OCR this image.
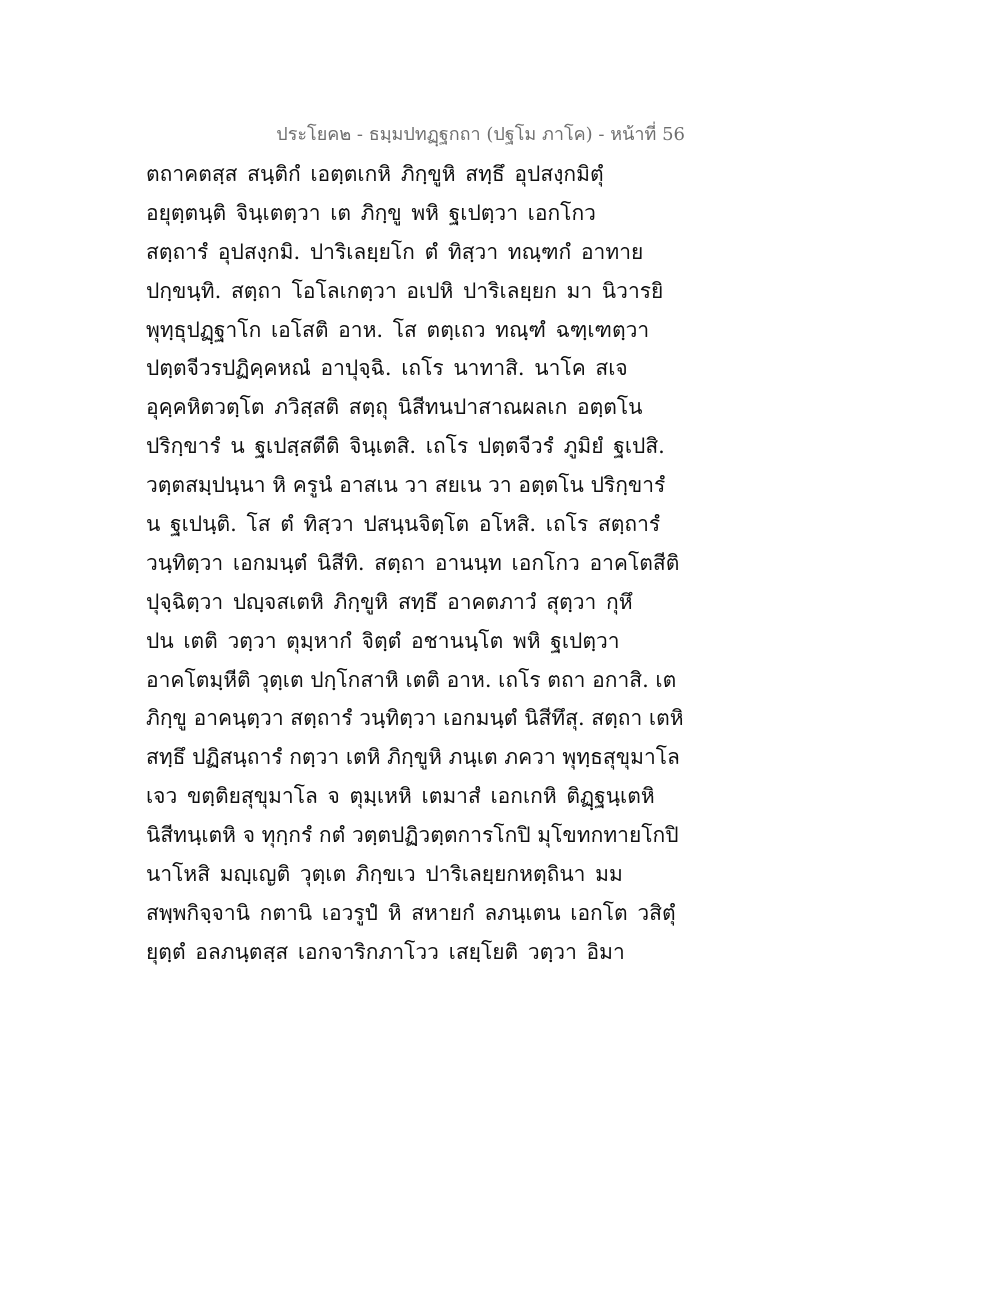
ประโยค๒ - ธมฺมปทฏฺฐกถา (ปฐโม ภาโค) - หน้าที่ 56
ตถาคตสฺส สนฺติกํ เอตฺตเกหิ ภิกฺขูหิ สทฺธึ อุปสงฺกมิตุํ
อยุตฺตนฺติ จินฺเตตฺวา เต ภิกฺขู พหิ ฐเปตฺวา เอกโกว
สตฺถารํ อุปสงฺกมิ. ปาริเลยฺยโก ตํ ทิสฺวา ทณฺฑกํ อาทาย
ปกฺขนฺทิ. สตฺถา โอโลเกตฺวา อเปหิ ปาริเลยฺยก มา นิวารยิ
พุทฺธุปฏฺฐาโก เอโสติ อาห. โส ตตฺเถว ทณฺฑํ ฉฑฺเฑตฺวา
ปตฺตจีวรปฏิคฺคหณํ อาปุจฺฉิ. เถโร นาทาสิ. นาโค สเจ
อุคฺคหิตวตฺโต ภวิสฺสติ สตฺถุ นิสีทนปาสาณผลเก อตฺตโน
ปริกฺขารํ น ฐเปสฺสตีติ จินฺเตสิ. เถโร ปตฺตจีวรํ ภูมิยํ ฐเปสิ.
วตฺตสมฺปนฺนา หิ ครูนํ อาสเน วา สยเน วา อตฺตโน ปริกฺขารํ
น ฐเปนฺติ. โส ตํ ทิสฺวา ปสนฺนจิตฺโต อโหสิ. เถโร สตฺถารํ
วนฺทิตฺวา เอกมนฺตํ นิสีทิ. สตฺถา อานนฺท เอกโกว อาคโตสีติ
ปุจฺฉิตฺวา ปญฺจสเตหิ ภิกฺขูหิ สทฺธึ อาคตภาวํ สุตฺวา กุหึ
ปน เตติ วตฺวา ตุมฺหากํ จิตฺตํ อชานนฺโต พหิ ฐเปตฺวา
อาคโตมฺหีติ วุตฺเต ปกฺโกสาหิ เตติ อาห. เถโร ตถา อกาสิ. เต
ภิกฺขู อาคนฺตฺวา สตฺถารํ วนฺทิตฺวา เอกมนฺตํ นิสีทึสุ. สตฺถา เตหิ
สทฺธึ ปฏิสนฺถารํ กตฺวา เตหิ ภิกฺขูหิ ภนฺเต ภควา พุทฺธสุขุมาโล
เจว ขตฺติยสุขุมาโล จ ตุมฺเหหิ เตมาสํ เอกเกหิ ติฏฺฐนฺเตหิ
นิสีทนฺเตหิ จ ทุกฺกรํ กตํ วตฺตปฏิวตฺตการโกปิ มุโขทกทายโกปิ
นาโหสิ มญฺเญติ วุตฺเต ภิกฺขเว ปาริเลยฺยกหตฺถินา มม
สพฺพกิจฺจานิ กตานิ เอวรูปํ หิ สหายกํ ลภนฺเตน เอกโต วสิตุํ
ยุตฺตํ อลภนฺตสฺส เอกจาริกภาโวว เสยฺโยติ วตฺวา อิมา
